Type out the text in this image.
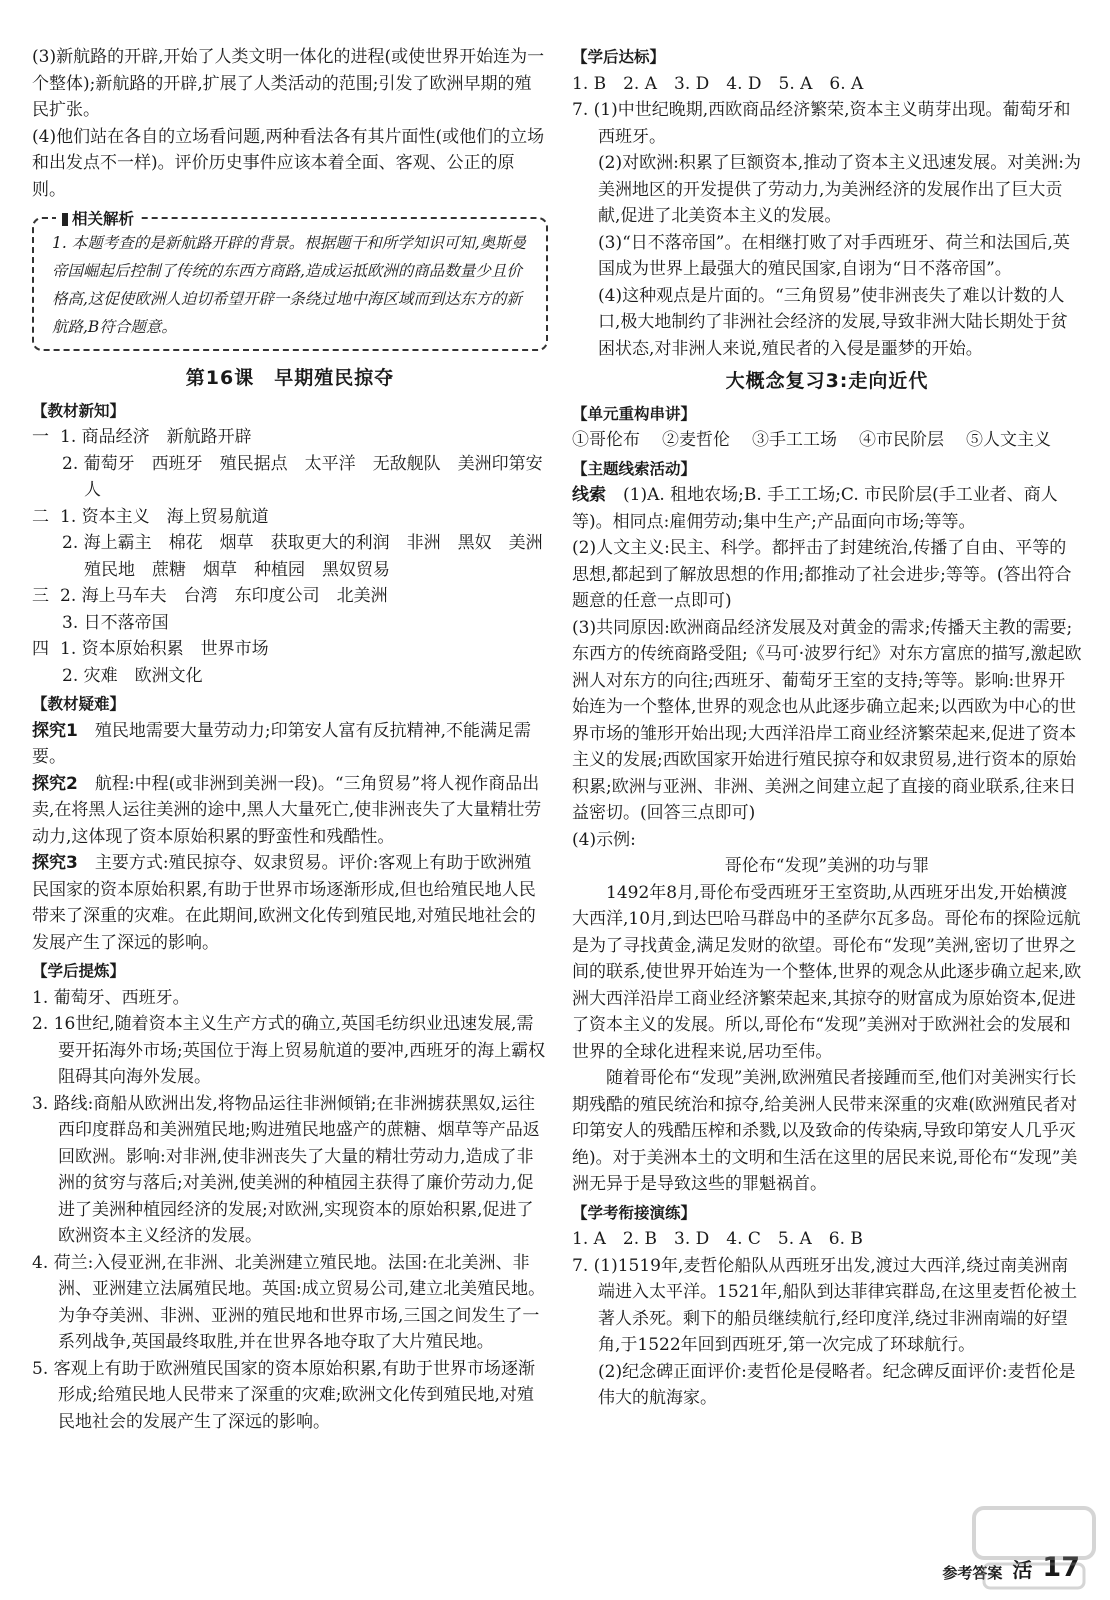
(3)新航路的开辟,开始了人类文明一体化的进程(或使世界开始连为一个整体);新航路的开辟,扩展了人类活动的范围;引发了欧洲早期的殖民扩张。

(4)他们站在各自的立场看问题,两种看法各有其片面性(或他们的立场和出发点不一样)。评价历史事件应该本着全面、客观、公正的原则。

相关解析

1. 本题考查的是新航路开辟的背景。根据题干和所学知识可知,奥斯曼帝国崛起后控制了传统的东西方商路,造成运抵欧洲的商品数量少且价格高,这促使欧洲人迫切希望开辟一条绕过地中海区域而到达东方的新航路,B符合题意。

第16课　早期殖民掠夺
【教材新知】

一 1. 商品经济　新航路开辟

2. 葡萄牙　西班牙　殖民据点　太平洋　无敌舰队　美洲印第安人

二 1. 资本主义　海上贸易航道

2. 海上霸主　棉花　烟草　获取更大的利润　非洲　黑奴　美洲殖民地　蔗糖　烟草　种植园　黑奴贸易

三 2. 海上马车夫　台湾　东印度公司　北美洲

3. 日不落帝国

四 1. 资本原始积累　世界市场

2. 灾难　欧洲文化

【教材疑难】

探究1　 殖民地需要大量劳动力;印第安人富有反抗精神,不能满足需要。

探究2　 航程:中程(或非洲到美洲一段)。“三角贸易”将人视作商品出卖,在将黑人运往美洲的途中,黑人大量死亡,使非洲丧失了大量精壮劳动力,这体现了资本原始积累的野蛮性和残酷性。

探究3　 主要方式:殖民掠夺、奴隶贸易。评价:客观上有助于欧洲殖民国家的资本原始积累,有助于世界市场逐渐形成,但也给殖民地人民带来了深重的灾难。在此期间,欧洲文化传到殖民地,对殖民地社会的发展产生了深远的影响。

【学后提炼】

1. 葡萄牙、西班牙。

2. 16世纪,随着资本主义生产方式的确立,英国毛纺织业迅速发展,需要开拓海外市场;英国位于海上贸易航道的要冲,西班牙的海上霸权阻碍其向海外发展。

3. 路线:商船从欧洲出发,将物品运往非洲倾销;在非洲掳获黑奴,运往西印度群岛和美洲殖民地;购进殖民地盛产的蔗糖、烟草等产品返回欧洲。影响:对非洲,使非洲丧失了大量的精壮劳动力,造成了非洲的贫穷与落后;对美洲,使美洲的种植园主获得了廉价劳动力,促进了美洲种植园经济的发展;对欧洲,实现资本的原始积累,促进了欧洲资本主义经济的发展。

4. 荷兰:入侵亚洲,在非洲、北美洲建立殖民地。法国:在北美洲、非洲、亚洲建立法属殖民地。英国:成立贸易公司,建立北美殖民地。为争夺美洲、非洲、亚洲的殖民地和世界市场,三国之间发生了一系列战争,英国最终取胜,并在世界各地夺取了大片殖民地。

5. 客观上有助于欧洲殖民国家的资本原始积累,有助于世界市场逐渐形成;给殖民地人民带来了深重的灾难;欧洲文化传到殖民地,对殖民地社会的发展产生了深远的影响。

【学后达标】

1. B　2. A　3. D　4. D　5. A　6. A

7. (1)中世纪晚期,西欧商品经济繁荣,资本主义萌芽出现。葡萄牙和西班牙。

(2)对欧洲:积累了巨额资本,推动了资本主义迅速发展。对美洲:为美洲地区的开发提供了劳动力,为美洲经济的发展作出了巨大贡献,促进了北美资本主义的发展。

(3)“日不落帝国”。在相继打败了对手西班牙、荷兰和法国后,英国成为世界上最强大的殖民国家,自诩为“日不落帝国”。

(4)这种观点是片面的。“三角贸易”使非洲丧失了难以计数的人口,极大地制约了非洲社会经济的发展,导致非洲大陆长期处于贫困状态,对非洲人来说,殖民者的入侵是噩梦的开始。

大概念复习3:走向近代
【单元重构串讲】

①哥伦布 ②麦哲伦 ③手工工场 ④市民阶层 ⑤人文主义

【主题线索活动】

线索　 (1)A. 租地农场;B. 手工工场;C. 市民阶层(手工业者、商人等)。相同点:雇佣劳动;集中生产;产品面向市场;等等。

(2)人文主义:民主、科学。都抨击了封建统治,传播了自由、平等的思想,都起到了解放思想的作用;都推动了社会进步;等等。(答出符合题意的任意一点即可)

(3)共同原因:欧洲商品经济发展及对黄金的需求;传播天主教的需要;东西方的传统商路受阻;《马可·波罗行纪》对东方富庶的描写,激起欧洲人对东方的向往;西班牙、葡萄牙王室的支持;等等。影响:世界开始连为一个整体,世界的观念也从此逐步确立起来;以西欧为中心的世界市场的雏形开始出现;大西洋沿岸工商业经济繁荣起来,促进了资本主义的发展;西欧国家开始进行殖民掠夺和奴隶贸易,进行资本的原始积累;欧洲与亚洲、非洲、美洲之间建立起了直接的商业联系,往来日益密切。(回答三点即可)

(4)示例:

哥伦布“发现”美洲的功与罪

1492年8月,哥伦布受西班牙王室资助,从西班牙出发,开始横渡大西洋,10月,到达巴哈马群岛中的圣萨尔瓦多岛。哥伦布的探险远航是为了寻找黄金,满足发财的欲望。哥伦布“发现”美洲,密切了世界之间的联系,使世界开始连为一个整体,世界的观念从此逐步确立起来,欧洲大西洋沿岸工商业经济繁荣起来,其掠夺的财富成为原始资本,促进了资本主义的发展。所以,哥伦布“发现”美洲对于欧洲社会的发展和世界的全球化进程来说,居功至伟。

随着哥伦布“发现”美洲,欧洲殖民者接踵而至,他们对美洲实行长期残酷的殖民统治和掠夺,给美洲人民带来深重的灾难(欧洲殖民者对印第安人的残酷压榨和杀戮,以及致命的传染病,导致印第安人几乎灭绝)。对于美洲本土的文明和生活在这里的居民来说,哥伦布“发现”美洲无异于是导致这些的罪魁祸首。

【学考衔接演练】

1. A　2. B　3. D　4. C　5. A　6. B

7. (1)1519年,麦哲伦船队从西班牙出发,渡过大西洋,绕过南美洲南端进入太平洋。1521年,船队到达菲律宾群岛,在这里麦哲伦被土著人杀死。剩下的船员继续航行,经印度洋,绕过非洲南端的好望角,于1522年回到西班牙,第一次完成了环球航行。

(2)纪念碑正面评价:麦哲伦是侵略者。纪念碑反面评价:麦哲伦是伟大的航海家。

参考答案 活 17
